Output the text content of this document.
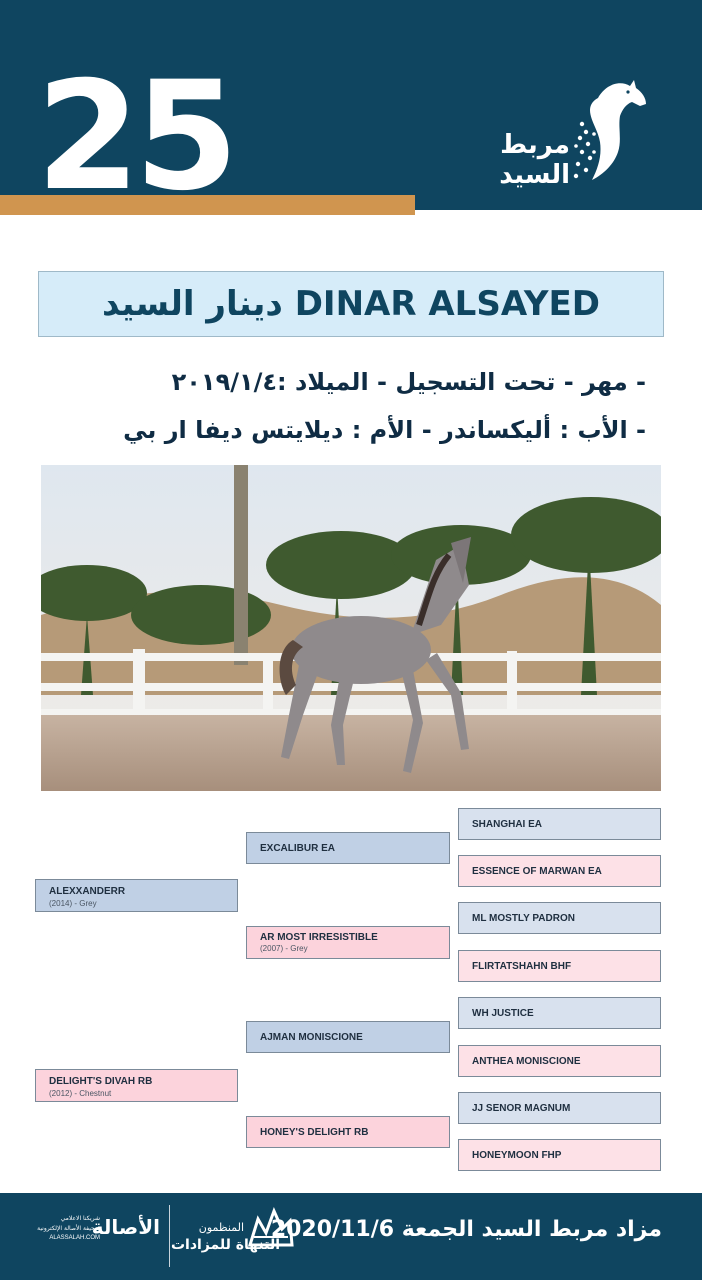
25	مربط السيد
دينار السيد DINAR ALSAYED
- مهر - تحت التسجيل - الميلاد :٢٠١٩/١/٤
- الأب : أليكساندر - الأم : ديلايتس ديفا ار بي
ALEXXANDERR
(2014) - Grey
DELIGHT'S DIVAH RB
(2012) - Chestnut
EXCALIBUR EA
AR MOST IRRESISTIBLE
(2007) - Grey
AJMAN MONISCIONE
HONEY'S DELIGHT RB
SHANGHAI EA
ESSENCE OF MARWAN EA
ML MOSTLY PADRON
FLIRTATSHAHN BHF
WH JUSTICE
ANTHEA MONISCIONE
JJ SENOR MAGNUM
HONEYMOON FHP
مزاد مربط السيد الجمعة 2020/11/6
المنظمون
التنهاة للمزادات
الأصالة
شريكنا الاعلامي
صحيفة الأصالة الإلكترونية
ALASSALAH.COM
